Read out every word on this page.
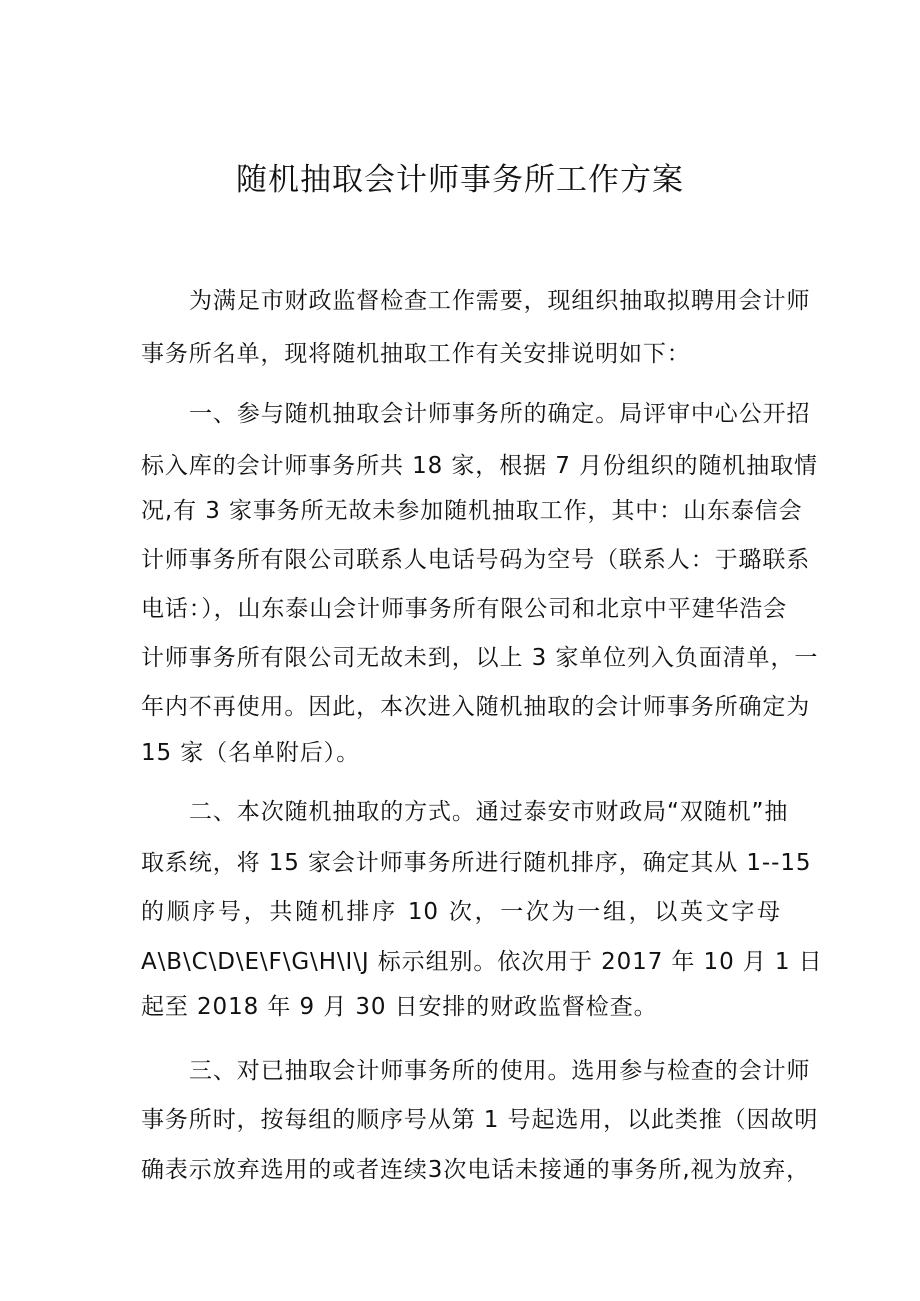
随机抽取会计师事务所工作方案
为满足市财政监督检查工作需要，现组织抽取拟聘用会计师
事务所名单，现将随机抽取工作有关安排说明如下：
一、参与随机抽取会计师事务所的确定。局评审中心公开招
标入库的会计师事务所共 18 家，根据 7 月份组织的随机抽取情
况,有 3 家事务所无故未参加随机抽取工作，其中：山东泰信会
计师事务所有限公司联系人电话号码为空号（联系人：于璐联系
电话：），山东泰山会计师事务所有限公司和北京中平建华浩会
计师事务所有限公司无故未到，以上 3 家单位列入负面清单，一
年内不再使用。因此，本次进入随机抽取的会计师事务所确定为
15 家（名单附后）。
二、本次随机抽取的方式。通过泰安市财政局“双随机”抽
取系统，将 15 家会计师事务所进行随机排序，确定其从 1--15
的顺序号，共随机排序 10 次，一次为一组，以英文字母
A\B\C\D\E\F\G\H\I\J 标示组别。依次用于 2017 年 10 月 1 日
起至 2018 年 9 月 30 日安排的财政监督检查。
三、对已抽取会计师事务所的使用。选用参与检查的会计师
事务所时，按每组的顺序号从第 1 号起选用，以此类推（因故明
确表示放弃选用的或者连续3次电话未接通的事务所,视为放弃，
